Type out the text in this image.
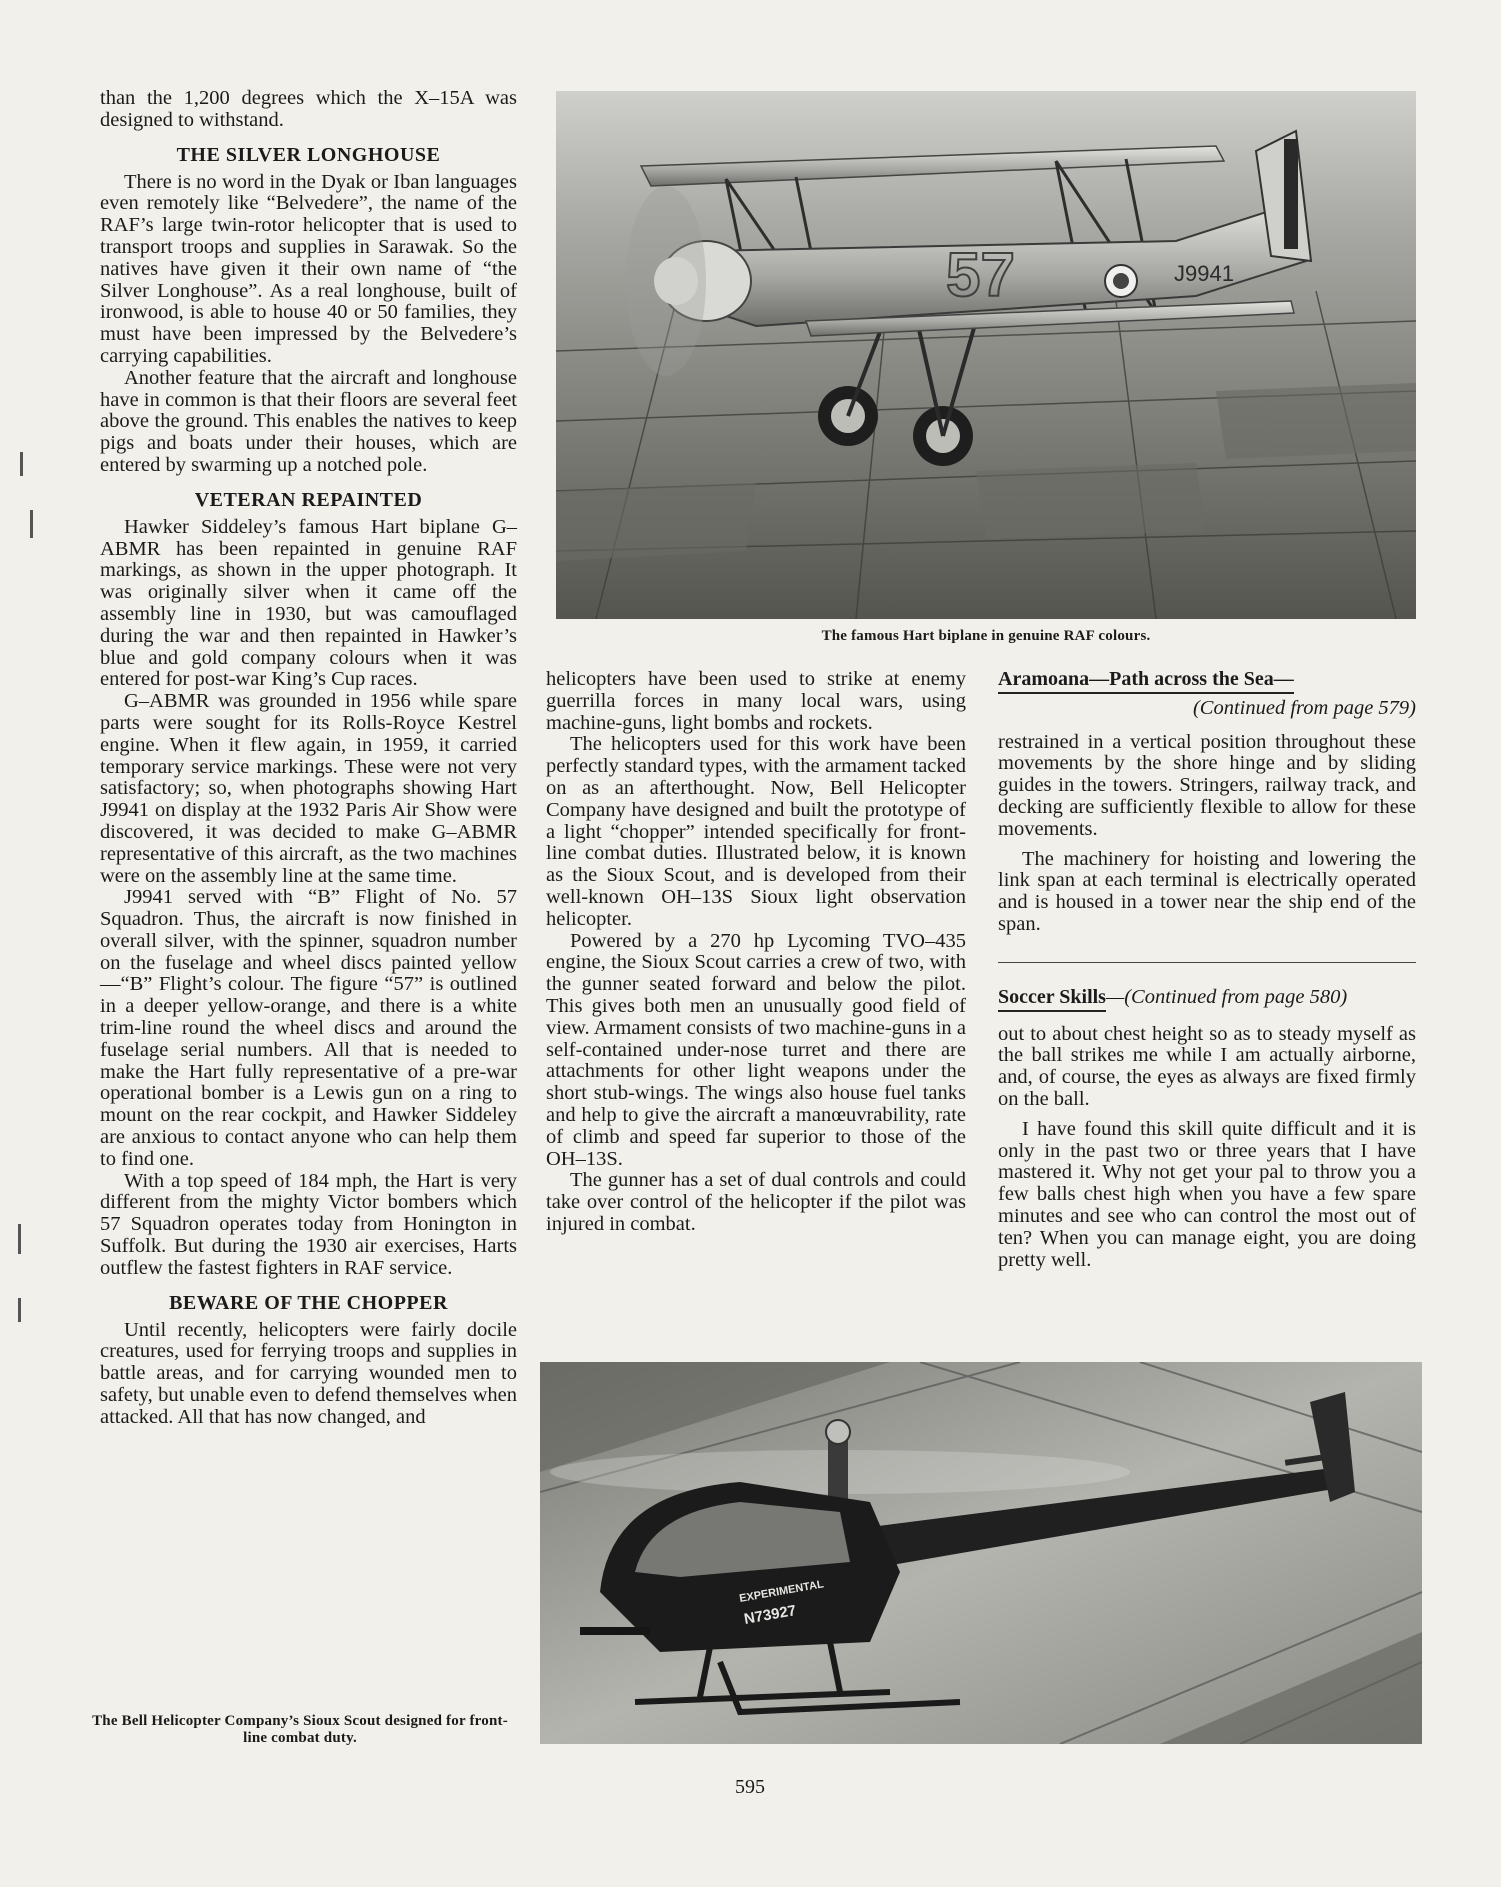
than the 1,200 degrees which the X–15A was designed to withstand.

THE SILVER LONGHOUSE

There is no word in the Dyak or Iban languages even remotely like “Belvedere”, the name of the RAF’s large twin-rotor helicopter that is used to transport troops and supplies in Sarawak. So the natives have given it their own name of “the Silver Longhouse”. As a real longhouse, built of ironwood, is able to house 40 or 50 families, they must have been impressed by the Belvedere’s carrying capabilities.

Another feature that the aircraft and longhouse have in common is that their floors are several feet above the ground. This enables the natives to keep pigs and boats under their houses, which are entered by swarming up a notched pole.

VETERAN REPAINTED

Hawker Siddeley’s famous Hart biplane G–ABMR has been repainted in genuine RAF markings, as shown in the upper photograph. It was originally silver when it came off the assembly line in 1930, but was camouflaged during the war and then repainted in Hawker’s blue and gold company colours when it was entered for post-war King’s Cup races.

G–ABMR was grounded in 1956 while spare parts were sought for its Rolls-Royce Kestrel engine. When it flew again, in 1959, it carried temporary service markings. These were not very satisfactory; so, when photographs showing Hart J9941 on display at the 1932 Paris Air Show were discovered, it was decided to make G–ABMR representative of this aircraft, as the two machines were on the assembly line at the same time.

J9941 served with “B” Flight of No. 57 Squadron. Thus, the aircraft is now finished in overall silver, with the spinner, squadron number on the fuselage and wheel discs painted yellow—“B” Flight’s colour. The figure “57” is outlined in a deeper yellow-orange, and there is a white trim-line round the wheel discs and around the fuselage serial numbers. All that is needed to make the Hart fully representative of a pre-war operational bomber is a Lewis gun on a ring to mount on the rear cockpit, and Hawker Siddeley are anxious to contact anyone who can help them to find one.

With a top speed of 184 mph, the Hart is very different from the mighty Victor bombers which 57 Squadron operates today from Honington in Suffolk. But during the 1930 air exercises, Harts outflew the fastest fighters in RAF service.

BEWARE OF THE CHOPPER

Until recently, helicopters were fairly docile creatures, used for ferrying troops and supplies in battle areas, and for carrying wounded men to safety, but unable even to defend themselves when attacked. All that has now changed, and

57	J9941
The famous Hart biplane in genuine RAF colours.

helicopters have been used to strike at enemy guerrilla forces in many local wars, using machine-guns, light bombs and rockets.

The helicopters used for this work have been perfectly standard types, with the armament tacked on as an afterthought. Now, Bell Helicopter Company have designed and built the prototype of a light “chopper” intended specifically for front-line combat duties. Illustrated below, it is known as the Sioux Scout, and is developed from their well-known OH–13S Sioux light observation helicopter.

Powered by a 270 hp Lycoming TVO–435 engine, the Sioux Scout carries a crew of two, with the gunner seated forward and below the pilot. This gives both men an unusually good field of view. Armament consists of two machine-guns in a self-contained under-nose turret and there are attachments for other light weapons under the short stub-wings. The wings also house fuel tanks and help to give the aircraft a manœuvrability, rate of climb and speed far superior to those of the OH–13S.

The gunner has a set of dual controls and could take over control of the helicopter if the pilot was injured in combat.

Aramoana—Path across the Sea—
(Continued from page 579)

restrained in a vertical position throughout these movements by the shore hinge and by sliding guides in the towers. Stringers, railway track, and decking are sufficiently flexible to allow for these movements.

The machinery for hoisting and lowering the link span at each terminal is electrically operated and is housed in a tower near the ship end of the span.

Soccer Skills—(Continued from page 580)

out to about chest height so as to steady myself as the ball strikes me while I am actually airborne, and, of course, the eyes as always are fixed firmly on the ball.

I have found this skill quite difficult and it is only in the past two or three years that I have mastered it. Why not get your pal to throw you a few balls chest high when you have a few spare minutes and see who can control the most out of ten? When you can manage eight, you are doing pretty well.

EXPERIMENTAL
N73927
The Bell Helicopter Company’s Sioux Scout designed for front-line combat duty.
595
